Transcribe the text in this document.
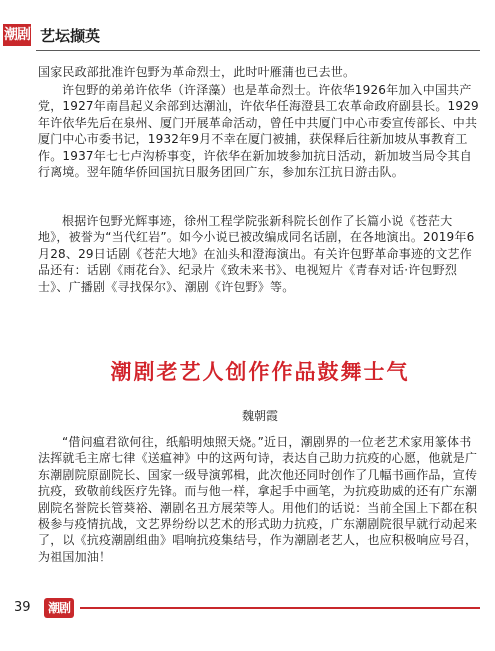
潮剧 艺坛撷英

国家民政部批准许包野为革命烈士，此时叶雁蒲也已去世。

许包野的弟弟许依华（许泽藻）也是革命烈士。许依华1926年加入中国共产党，1927年南昌起义余部到达潮汕，许依华任海澄县工农革命政府副县长。1929年许依华先后在泉州、厦门开展革命活动，曾任中共厦门中心市委宣传部长、中共厦门中心市委书记，1932年9月不幸在厦门被捕，获保释后往新加坡从事教育工作。1937年七七卢沟桥事变，许依华在新加坡参加抗日活动，新加坡当局令其自行离境。翌年随华侨回国抗日服务团回广东，参加东江抗日游击队。

根据许包野光辉事迹，徐州工程学院张新科院长创作了长篇小说《苍茫大地》，被誉为“当代红岩”。如今小说已被改编成同名话剧，在各地演出。2019年6月28、29日话剧《苍茫大地》在汕头和澄海演出。有关许包野革命事迹的文艺作品还有：话剧《雨花台》、纪录片《致未来书》、电视短片《青春对话·许包野烈士》、广播剧《寻找保尔》、潮剧《许包野》等。

潮剧老艺人创作作品鼓舞士气
魏朝霞

“借问瘟君欲何往，纸船明烛照天烧。”近日，潮剧界的一位老艺术家用篆体书法挥就毛主席七律《送瘟神》中的这两句诗，表达自己助力抗疫的心愿，他就是广东潮剧院原副院长、国家一级导演郭楫，此次他还同时创作了几幅书画作品，宣传抗疫，致敬前线医疗先锋。而与他一样，拿起手中画笔，为抗疫助威的还有广东潮剧院名誉院长管葵裕、潮剧名丑方展荣等人。用他们的话说：当前全国上下都在积极参与疫情抗战，文艺界纷纷以艺术的形式助力抗疫，广东潮剧院很早就行动起来了，以《抗疫潮剧组曲》唱响抗疫集结号，作为潮剧老艺人，也应积极响应号召，为祖国加油！

39	潮剧
